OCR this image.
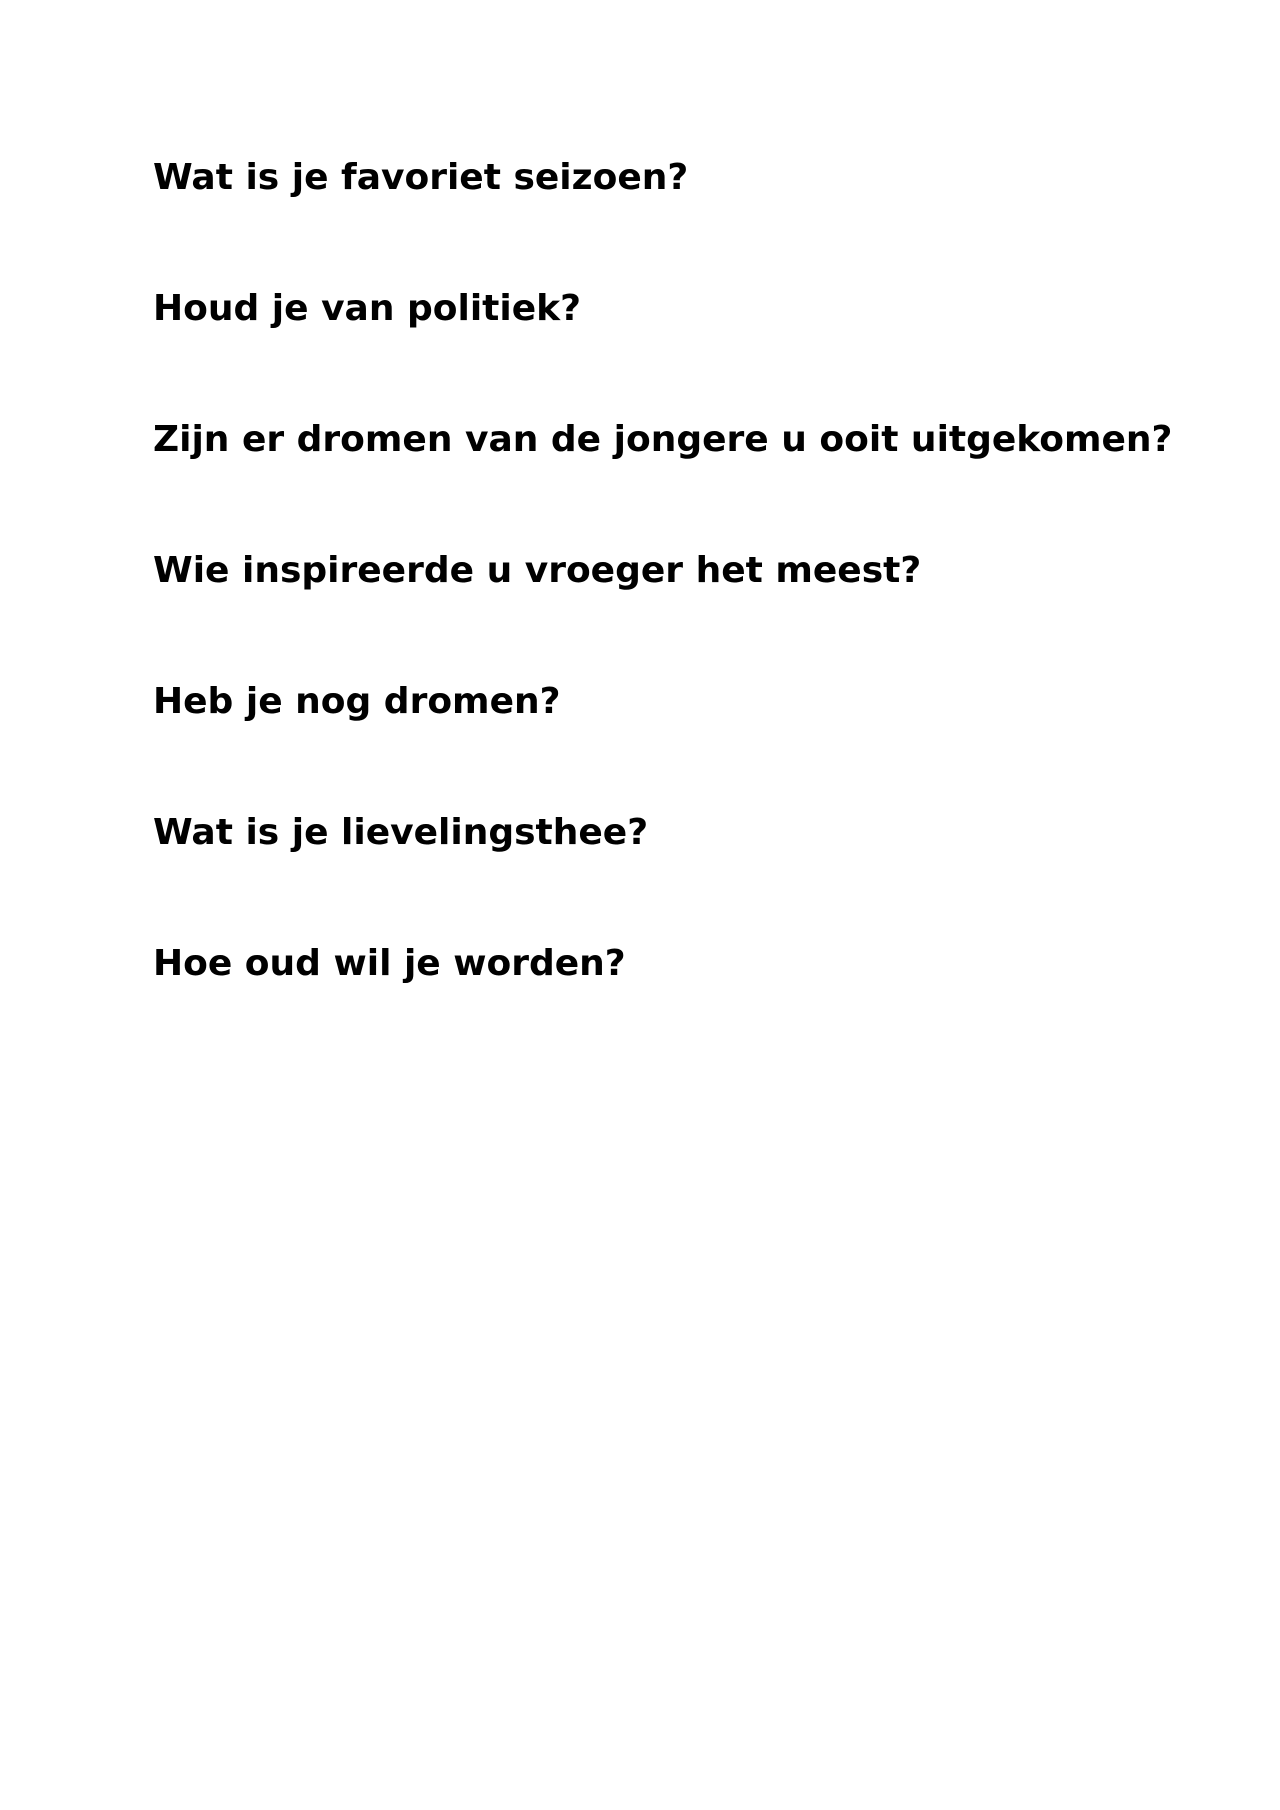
Wat is je favoriet seizoen?
Houd je van politiek?
Zijn er dromen van de jongere u ooit uitgekomen?
Wie inspireerde u vroeger het meest?
Heb je nog dromen?
Wat is je lievelingsthee?
Hoe oud wil je worden?
